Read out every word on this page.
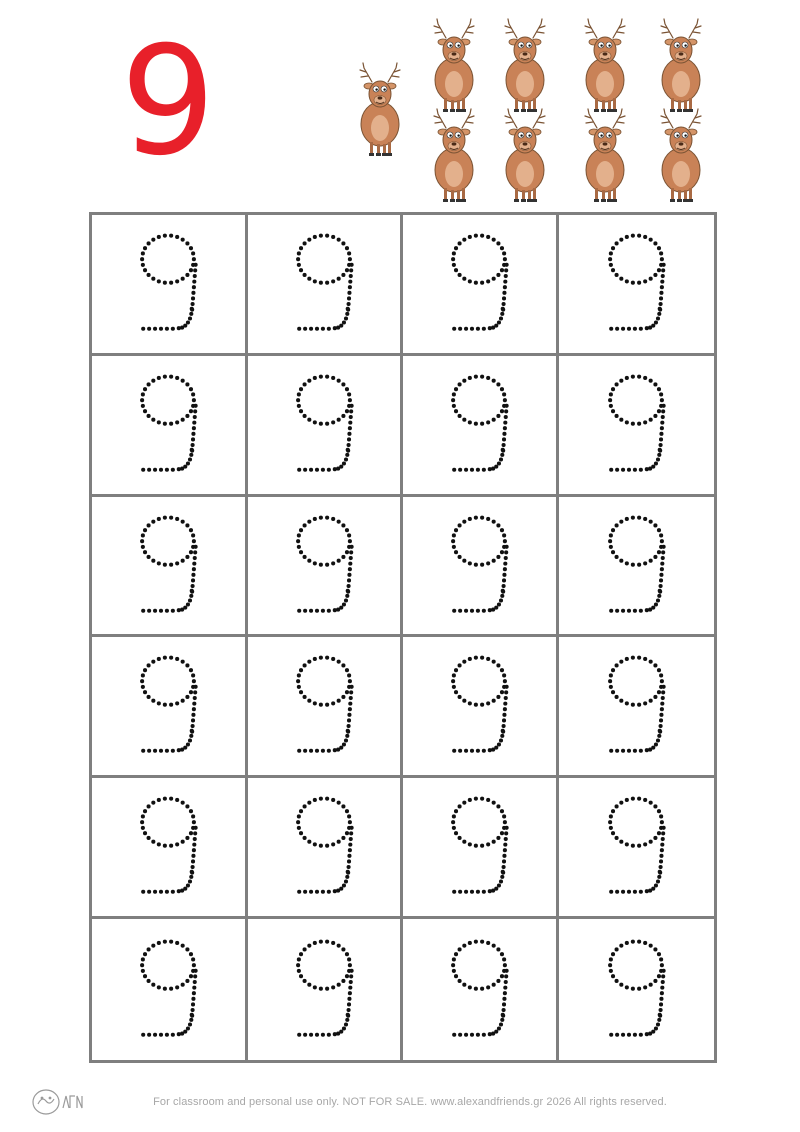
9
For classroom and personal use only. NOT FOR SALE. www.alexandfriends.gr 2026 All rights reserved.
